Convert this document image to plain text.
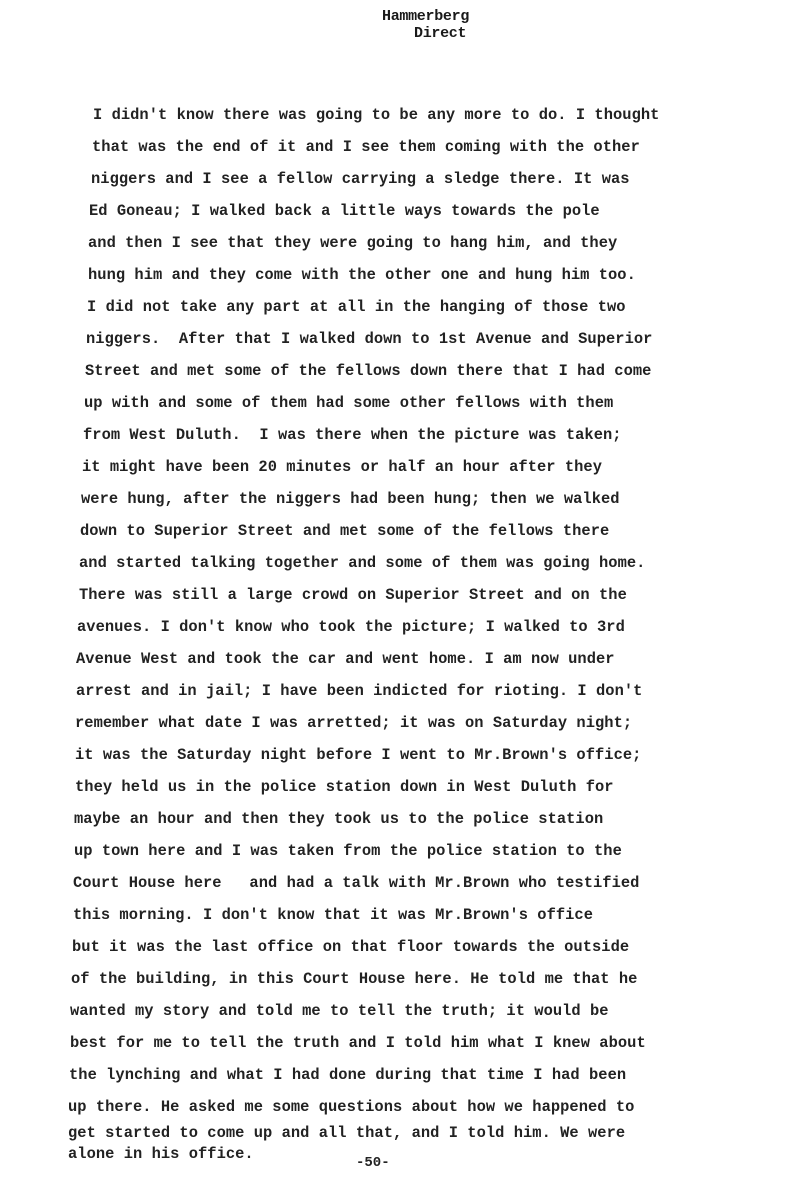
Hammerberg
Direct
I didn't know there was going to be any more to do. I thought
that was the end of it and I see them coming with the other
niggers and I see a fellow carrying a sledge there. It was
Ed Goneau; I walked back a little ways towards the pole
and then I see that they were going to hang him, and they
hung him and they come with the other one and hung him too.
I did not take any part at all in the hanging of those two
niggers.  After that I walked down to 1st Avenue and Superior
Street and met some of the fellows down there that I had come
up with and some of them had some other fellows with them
from West Duluth.  I was there when the picture was taken;
it might have been 20 minutes or half an hour after they
were hung, after the niggers had been hung; then we walked
down to Superior Street and met some of the fellows there
and started talking together and some of them was going home.
There was still a large crowd on Superior Street and on the
avenues. I don't know who took the picture; I walked to 3rd
Avenue West and took the car and went home. I am now under
arrest and in jail; I have been indicted for rioting. I don't
remember what date I was arretted; it was on Saturday night;
it was the Saturday night before I went to Mr.Brown's office;
they held us in the police station down in West Duluth for
maybe an hour and then they took us to the police station
up town here and I was taken from the police station to the
Court House here   and had a talk with Mr.Brown who testified
this morning. I don't know that it was Mr.Brown's office
but it was the last office on that floor towards the outside
of the building, in this Court House here. He told me that he
wanted my story and told me to tell the truth; it would be
best for me to tell the truth and I told him what I knew about
the lynching and what I had done during that time I had been
up there. He asked me some questions about how we happened to
get started to come up and all that, and I told him. We were
alone in his office.	-50-
